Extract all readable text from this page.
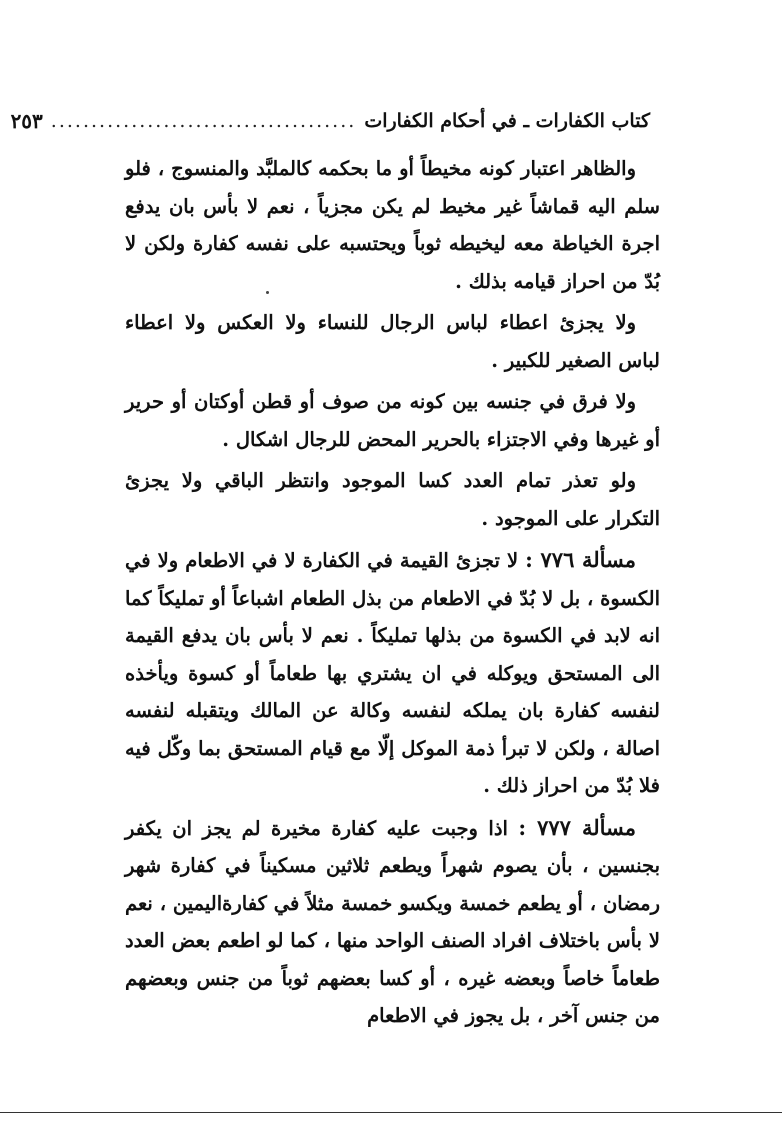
كتاب الكفارات ـ في أحكام الكفارات
......................................
٢٥٣

والظاهر اعتبار كونه مخيطاً أو ما بحكمه كالملبَّد والمنسوج ، فلو سلم اليه قماشاً غير مخيط لم يكن مجزياً ، نعم لا بأس بان يدفع اجرة الخياطة معه ليخيطه ثوباً ويحتسبه على نفسه كفارة ولكن لا بُدّ من احراز قيامه بذلك .

ولا يجزئ اعطاء لباس الرجال للنساء ولا العكس ولا اعطاء لباس الصغير للكبير .

ولا فرق في جنسه بين كونه من صوف أو قطن أوكتان أو حرير أو غيرها وفي الاجتزاء بالحرير المحض للرجال اشكال .

ولو تعذر تمام العدد كسا الموجود وانتظر الباقي ولا يجزئ التكرار على الموجود .

مسألة ٧٧٦ : لا تجزئ القيمة في الكفارة لا في الاطعام ولا في الكسوة ، بل لا بُدّ في الاطعام من بذل الطعام اشباعاً أو تمليكاً كما انه لابد في الكسوة من بذلها تمليكاً . نعم لا بأس بان يدفع القيمة الى المستحق ويوكله في ان يشتري بها طعاماً أو كسوة ويأخذه لنفسه كفارة بان يملكه لنفسه وكالة عن المالك ويتقبله لنفسه اصالة ، ولكن لا تبرأ ذمة الموكل إلّا مع قيام المستحق بما وكّل فيه فلا بُدّ من احراز ذلك .

مسألة ٧٧٧ : اذا وجبت عليه كفارة مخيرة لم يجز ان يكفر بجنسين ، بأن يصوم شهراً ويطعم ثلاثين مسكيناً في كفارة شهر رمضان ، أو يطعم خمسة ويكسو خمسة مثلاً في كفارةاليمين ، نعم لا بأس باختلاف افراد الصنف الواحد منها ، كما لو اطعم بعض العدد طعاماً خاصاً وبعضه غيره ، أو كسا بعضهم ثوباً من جنس وبعضهم من جنس آخر ، بل يجوز في الاطعام
